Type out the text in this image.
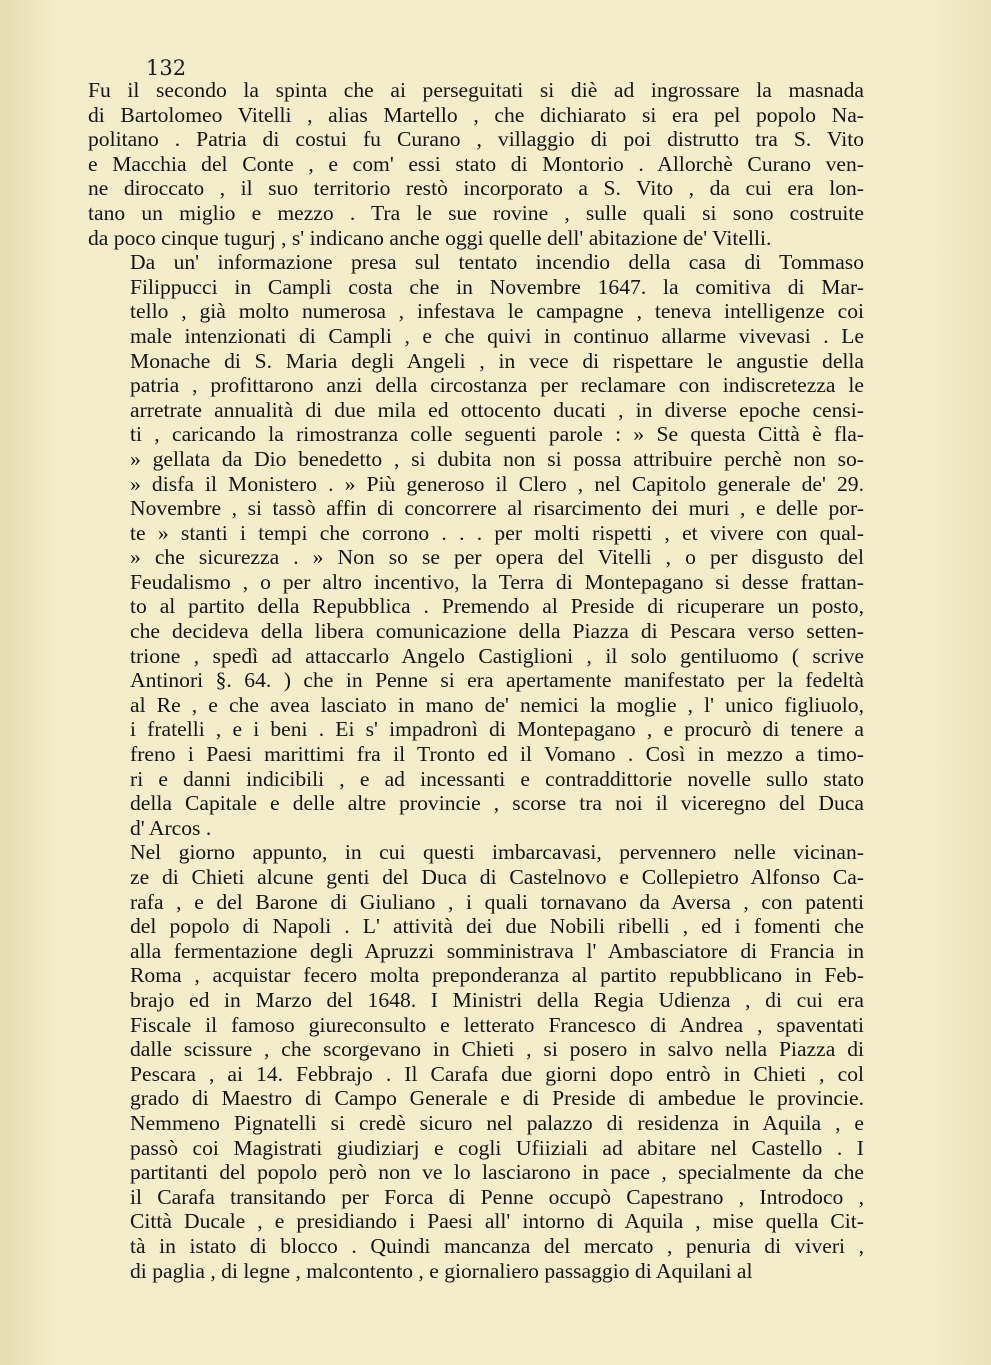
132
Fu il secondo la spinta che ai perseguitati si diè ad ingrossare la masnada
di Bartolomeo Vitelli , alias Martello , che dichiarato si era pel popolo Na-
politano . Patria di costui fu Curano , villaggio di poi distrutto tra S. Vito
e Macchia del Conte , e com' essi stato di Montorio . Allorchè Curano ven-
ne diroccato , il suo territorio restò incorporato a S. Vito , da cui era lon-
tano un miglio e mezzo . Tra le sue rovine , sulle quali si sono costruite
da poco cinque tugurj , s' indicano anche oggi quelle dell' abitazione de' Vitelli.
Da un' informazione presa sul tentato incendio della casa di Tommaso
Filippucci in Campli costa che in Novembre 1647. la comitiva di Mar-
tello , già molto numerosa , infestava le campagne , teneva intelligenze coi
male intenzionati di Campli , e che quivi in continuo allarme vivevasi . Le
Monache di S. Maria degli Angeli , in vece di rispettare le angustie della
patria , profittarono anzi della circostanza per reclamare con indiscretezza le
arretrate annualità di due mila ed ottocento ducati , in diverse epoche censi-
ti , caricando la rimostranza colle seguenti parole : » Se questa Città è fla-
» gellata da Dio benedetto , si dubita non si possa attribuire perchè non so-
» disfa il Monistero . » Più generoso il Clero , nel Capitolo generale de' 29.
Novembre , si tassò affin di concorrere al risarcimento dei muri , e delle por-
te » stanti i tempi che corrono . . . per molti rispetti , et vivere con qual-
» che sicurezza . » Non so se per opera del Vitelli , o per disgusto del
Feudalismo , o per altro incentivo, la Terra di Montepagano si desse frattan-
to al partito della Repubblica . Premendo al Preside di ricuperare un posto,
che decideva della libera comunicazione della Piazza di Pescara verso setten-
trione , spedì ad attaccarlo Angelo Castiglioni , il solo gentiluomo ( scrive
Antinori §. 64. ) che in Penne si era apertamente manifestato per la fedeltà
al Re , e che avea lasciato in mano de' nemici la moglie , l' unico figliuolo,
i fratelli , e i beni . Ei s' impadronì di Montepagano , e procurò di tenere a
freno i Paesi marittimi fra il Tronto ed il Vomano . Così in mezzo a timo-
ri e danni indicibili , e ad incessanti e contraddittorie novelle sullo stato
della Capitale e delle altre provincie , scorse tra noi il viceregno del Duca
d' Arcos .
Nel giorno appunto, in cui questi imbarcavasi, pervennero nelle vicinan-
ze di Chieti alcune genti del Duca di Castelnovo e Collepietro Alfonso Ca-
rafa , e del Barone di Giuliano , i quali tornavano da Aversa , con patenti
del popolo di Napoli . L' attività dei due Nobili ribelli , ed i fomenti che
alla fermentazione degli Apruzzi somministrava l' Ambasciatore di Francia in
Roma , acquistar fecero molta preponderanza al partito repubblicano in Feb-
brajo ed in Marzo del 1648. I Ministri della Regia Udienza , di cui era
Fiscale il famoso giureconsulto e letterato Francesco di Andrea , spaventati
dalle scissure , che scorgevano in Chieti , si posero in salvo nella Piazza di
Pescara , ai 14. Febbrajo . Il Carafa due giorni dopo entrò in Chieti , col
grado di Maestro di Campo Generale e di Preside di ambedue le provincie.
Nemmeno Pignatelli si credè sicuro nel palazzo di residenza in Aquila , e
passò coi Magistrati giudiziarj e cogli Ufiiziali ad abitare nel Castello . I
partitanti del popolo però non ve lo lasciarono in pace , specialmente da che
il Carafa transitando per Forca di Penne occupò Capestrano , Introdoco ,
Città Ducale , e presidiando i Paesi all' intorno di Aquila , mise quella Cit-
tà in istato di blocco . Quindi mancanza del mercato , penuria di viveri ,
di paglia , di legne , malcontento , e giornaliero passaggio di Aquilani al
